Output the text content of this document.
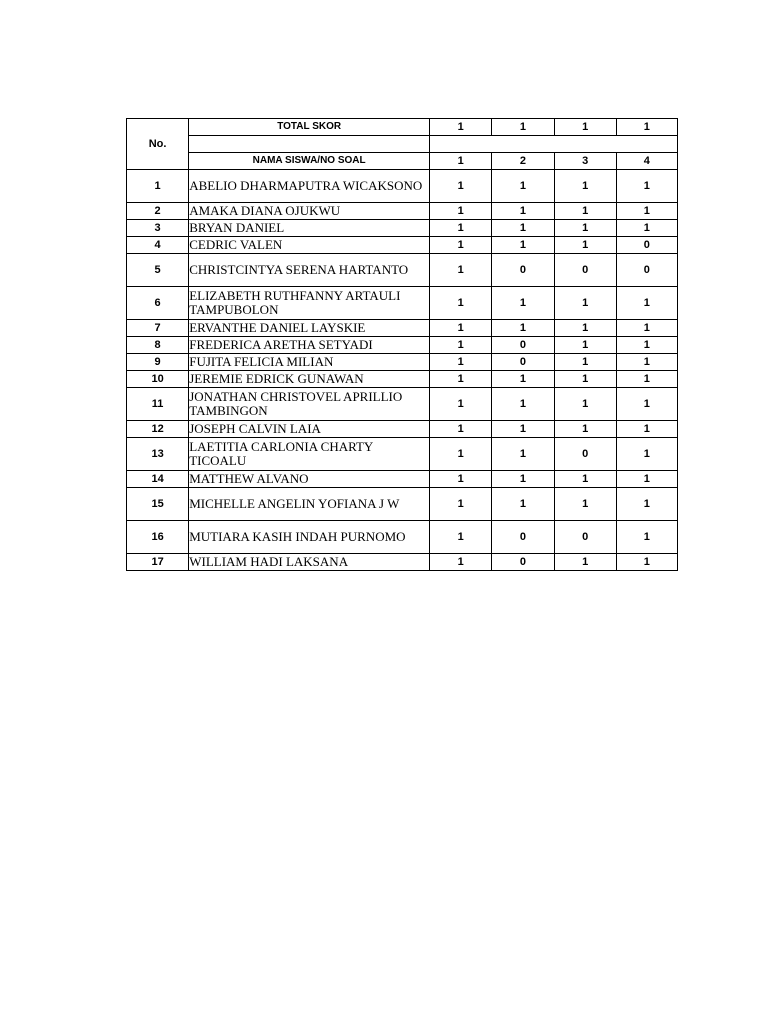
No.	TOTAL SKOR	1	1	1	1

	NAMA SISWA/NO SOAL	1	2	3	4
1	ABELIO DHARMAPUTRA WICAKSONO	1	1	1	1
2	AMAKA DIANA OJUKWU	1	1	1	1
3	BRYAN DANIEL	1	1	1	1
4	CEDRIC VALEN	1	1	1	0
5	CHRISTCINTYA SERENA HARTANTO	1	0	0	0
6	ELIZABETH RUTHFANNY ARTAULI TAMPUBOLON	1	1	1	1
7	ERVANTHE DANIEL LAYSKIE	1	1	1	1
8	FREDERICA ARETHA SETYADI	1	0	1	1
9	FUJITA FELICIA MILIAN	1	0	1	1
10	JEREMIE EDRICK GUNAWAN	1	1	1	1
11	JONATHAN CHRISTOVEL APRILLIO TAMBINGON	1	1	1	1
12	JOSEPH CALVIN LAIA	1	1	1	1
13	LAETITIA CARLONIA CHARTY TICOALU	1	1	0	1
14	MATTHEW ALVANO	1	1	1	1
15	MICHELLE ANGELIN YOFIANA J W	1	1	1	1
16	MUTIARA KASIH INDAH PURNOMO	1	0	0	1
17	WILLIAM HADI LAKSANA	1	0	1	1
